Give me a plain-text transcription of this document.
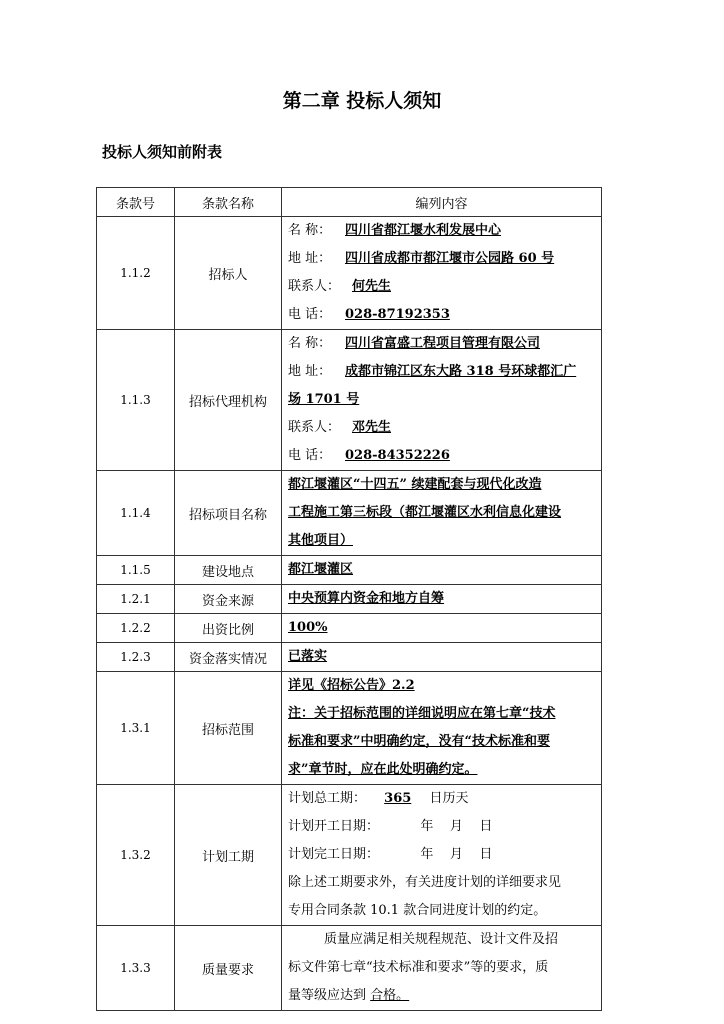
第二章 投标人须知
投标人须知前附表
条款号	条款名称	编列内容
1.1.2	招标人	名 称： 四川省都江堰水利发展中心
地 址： 四川省成都市都江堰市公园路 60 号
联系人： 何先生
电 话： 028-87192353

1.1.3	招标代理机构	名 称： 四川省富盛工程项目管理有限公司
地 址： 成都市锦江区东大路 318 号环球都汇广
场 1701 号
联系人： 邓先生
电 话： 028-84352226

1.1.4	招标项目名称	都江堰灌区“十四五” 续建配套与现代化改造
工程施工第三标段（都江堰灌区水利信息化建设
其他项目）

1.1.5	建设地点	都江堰灌区

1.2.1	资金来源	中央预算内资金和地方自筹

1.2.2	出资比例	100%

1.2.3	资金落实情况	已落实

1.3.1	招标范围	详见《招标公告》2.2
注：关于招标范围的详细说明应在第七章“技术
标准和要求”中明确约定，没有“技术标准和要
求”章节时，应在此处明确约定。

1.3.2	计划工期	计划总工期： 365 日历天
计划开工日期：          年    月    日
计划完工日期：          年    月    日
除上述工期要求外，有关进度计划的详细要求见
专用合同条款 10.1 款合同进度计划的约定。

1.3.3	质量要求	质量应满足相关规程规范、设计文件及招
标文件第七章“技术标准和要求”等的要求，质
量等级应达到 合格。
